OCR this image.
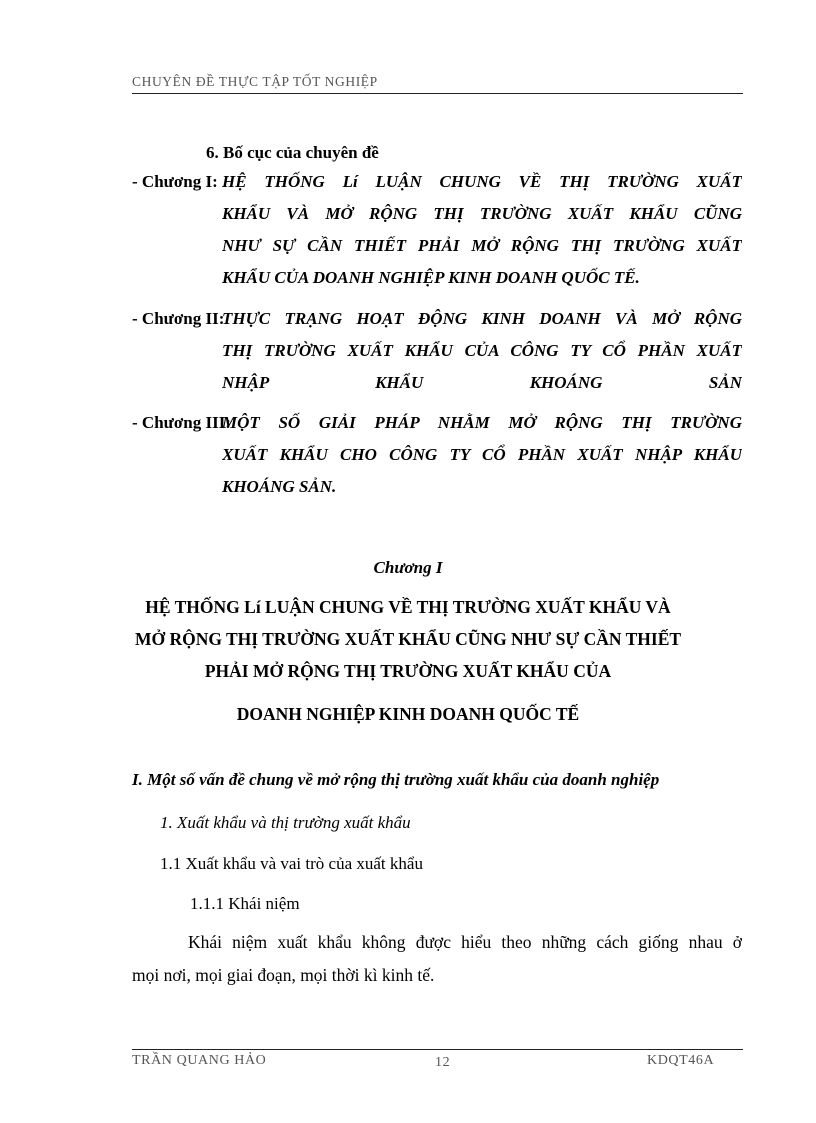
CHUYÊN ĐỀ THỰC TẬP TỐT NGHIỆP
6. Bố cục của chuyên đề
- Chương I: HỆ THỐNG Lí LUẬN CHUNG VỀ THỊ TRƯỜNG XUẤT
KHẨU VÀ MỞ RỘNG THỊ TRƯỜNG XUẤT KHẨU CŨNG
NHƯ SỰ CẦN THIẾT PHẢI MỞ RỘNG THỊ TRƯỜNG XUẤT
KHẨU CỦA DOANH NGHIỆP KINH DOANH QUỐC TẾ.
- Chương II:
THỰC TRẠNG HOẠT ĐỘNG KINH DOANH VÀ MỞ RỘNG
THỊ TRƯỜNG XUẤT KHẨU CỦA CÔNG TY CỔ PHẦN XUẤT
NHẬP KHẨU KHOÁNG SẢN
- Chương III:
MỘT SỐ GIẢI PHÁP NHẰM MỞ RỘNG THỊ TRƯỜNG
XUẤT KHẨU CHO CÔNG TY CỔ PHẦN XUẤT NHẬP KHẨU
KHOÁNG SẢN.
Chương I
HỆ THỐNG Lí LUẬN CHUNG VỀ THỊ TRƯỜNG XUẤT KHẨU VÀ
MỞ RỘNG THỊ TRƯỜNG XUẤT KHẨU CŨNG NHƯ SỰ CẦN THIẾT
PHẢI MỞ RỘNG THỊ TRƯỜNG XUẤT KHẨU CỦA
DOANH NGHIỆP KINH DOANH QUỐC TẾ
I. Một số vấn đề chung về mở rộng thị trường xuất khẩu của doanh nghiệp
1. Xuất khẩu và thị trường xuất khẩu
1.1 Xuất khẩu và vai trò của xuất khẩu
1.1.1 Khái niệm
Khái niệm xuất khẩu không được hiểu theo những cách giống nhau ở
mọi nơi, mọi giai đoạn, mọi thời kì kinh tế.
TRẦN QUANG HẢO	12	KDQT46A
